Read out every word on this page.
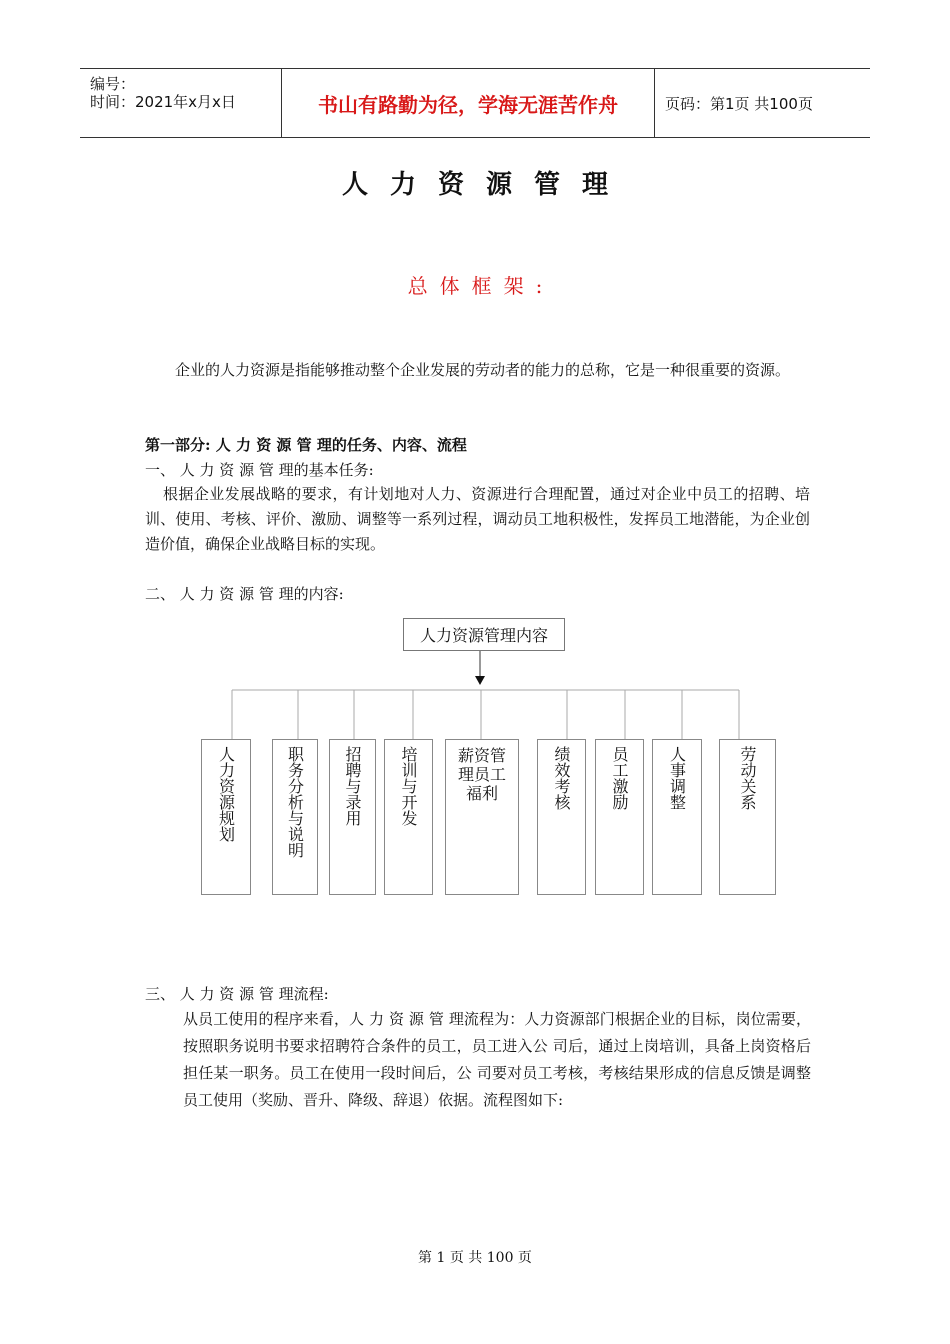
编号：
时间：2021年x月x日	书山有路勤为径，学海无涯苦作舟	页码：第1页 共100页
人力资源管理
总体框架:
企业的人力资源是指能够推动整个企业发展的劳动者的能力的总称，它是一种很重要的资源。
第一部分: 人 力 资 源 管 理的任务、内容、流程
一、 人 力 资 源 管 理的基本任务:
根据企业发展战略的要求，有计划地对人力、资源进行合理配置，通过对企业中员工的招聘、培训、使用、考核、评价、激励、调整等一系列过程，调动员工地积极性，发挥员工地潜能，为企业创造价值，确保企业战略目标的实现。
二、 人 力 资 源 管 理的内容:
人力资源管理内容
人力资源规划	职务分析与说明 招聘与录用 培训与开发	薪资管理员工福利	绩效考核 员工激励 人事调整	劳动关系
三、 人 力 资 源 管 理流程:
从员工使用的程序来看，人 力 资 源 管 理流程为：人力资源部门根据企业的目标，岗位需要，按照职务说明书要求招聘符合条件的员工，员工进入公 司后，通过上岗培训，具备上岗资格后担任某一职务。员工在使用一段时间后，公 司要对员工考核，考核结果形成的信息反馈是调整员工使用（奖励、晋升、降级、辞退）依据。流程图如下:
第 1 页 共 100 页
